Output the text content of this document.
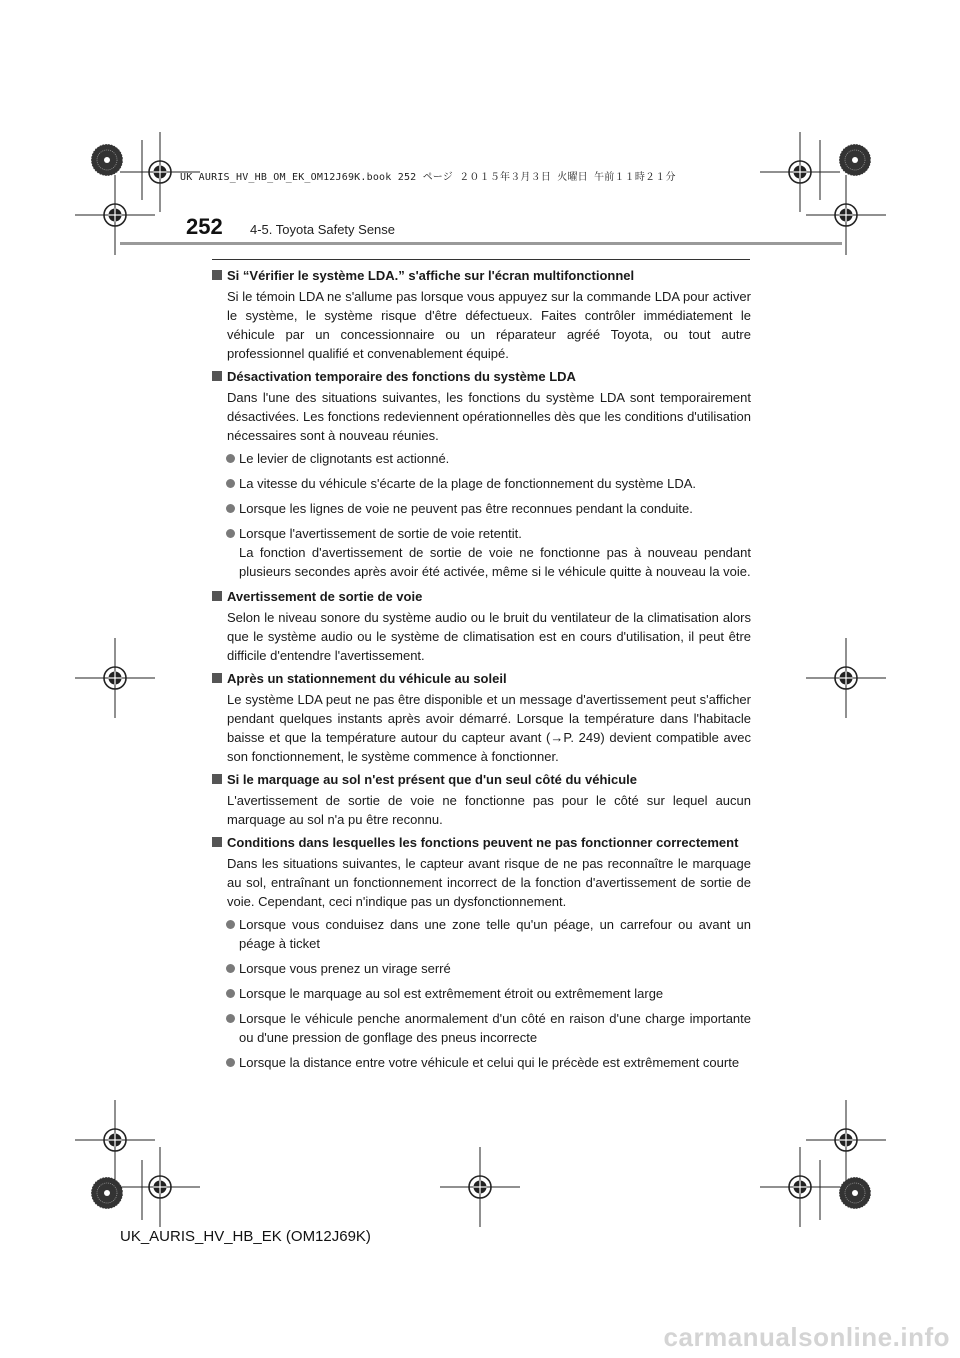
UK AURIS_HV_HB_OM_EK_OM12J69K.book 252 ページ ２０１５年３月３日 火曜日 午前１１時２１分
252 4-5. Toyota Safety Sense
Si “Vérifier le système LDA.” s'affiche sur l'écran multifonctionnel

Si le témoin LDA ne s'allume pas lorsque vous appuyez sur la commande LDA pour activer le système, le système risque d'être défectueux. Faites contrôler immédiatement le véhicule par un concessionnaire ou un réparateur agréé Toyota, ou tout autre professionnel qualifié et convenablement équipé.

Désactivation temporaire des fonctions du système LDA

Dans l'une des situations suivantes, les fonctions du système LDA sont temporairement désactivées. Les fonctions redeviennent opérationnelles dès que les conditions d'utilisation nécessaires sont à nouveau réunies.

Le levier de clignotants est actionné.
La vitesse du véhicule s'écarte de la plage de fonctionnement du système LDA.
Lorsque les lignes de voie ne peuvent pas être reconnues pendant la conduite.
Lorsque l'avertissement de sortie de voie retentit.
La fonction d'avertissement de sortie de voie ne fonctionne pas à nouveau pendant plusieurs secondes après avoir été activée, même si le véhicule quitte à nouveau la voie.
Avertissement de sortie de voie

Selon le niveau sonore du système audio ou le bruit du ventilateur de la climatisation alors que le système audio ou le système de climatisation est en cours d'utilisation, il peut être difficile d'entendre l'avertissement.

Après un stationnement du véhicule au soleil

Le système LDA peut ne pas être disponible et un message d'avertissement peut s'afficher pendant quelques instants après avoir démarré. Lorsque la température dans l'habitacle baisse et que la température autour du capteur avant (→P. 249) devient compatible avec son fonctionnement, le système commence à fonctionner.

Si le marquage au sol n'est présent que d'un seul côté du véhicule

L'avertissement de sortie de voie ne fonctionne pas pour le côté sur lequel aucun marquage au sol n'a pu être reconnu.

Conditions dans lesquelles les fonctions peuvent ne pas fonctionner correctement

Dans les situations suivantes, le capteur avant risque de ne pas reconnaître le marquage au sol, entraînant un fonctionnement incorrect de la fonction d'avertissement de sortie de voie. Cependant, ceci n'indique pas un dysfonctionnement.

Lorsque vous conduisez dans une zone telle qu'un péage, un carrefour ou avant un péage à ticket
Lorsque vous prenez un virage serré
Lorsque le marquage au sol est extrêmement étroit ou extrêmement large
Lorsque le véhicule penche anormalement d'un côté en raison d'une charge importante ou d'une pression de gonflage des pneus incorrecte
Lorsque la distance entre votre véhicule et celui qui le précède est extrêmement courte
UK_AURIS_HV_HB_EK (OM12J69K)
carmanualsonline.info
